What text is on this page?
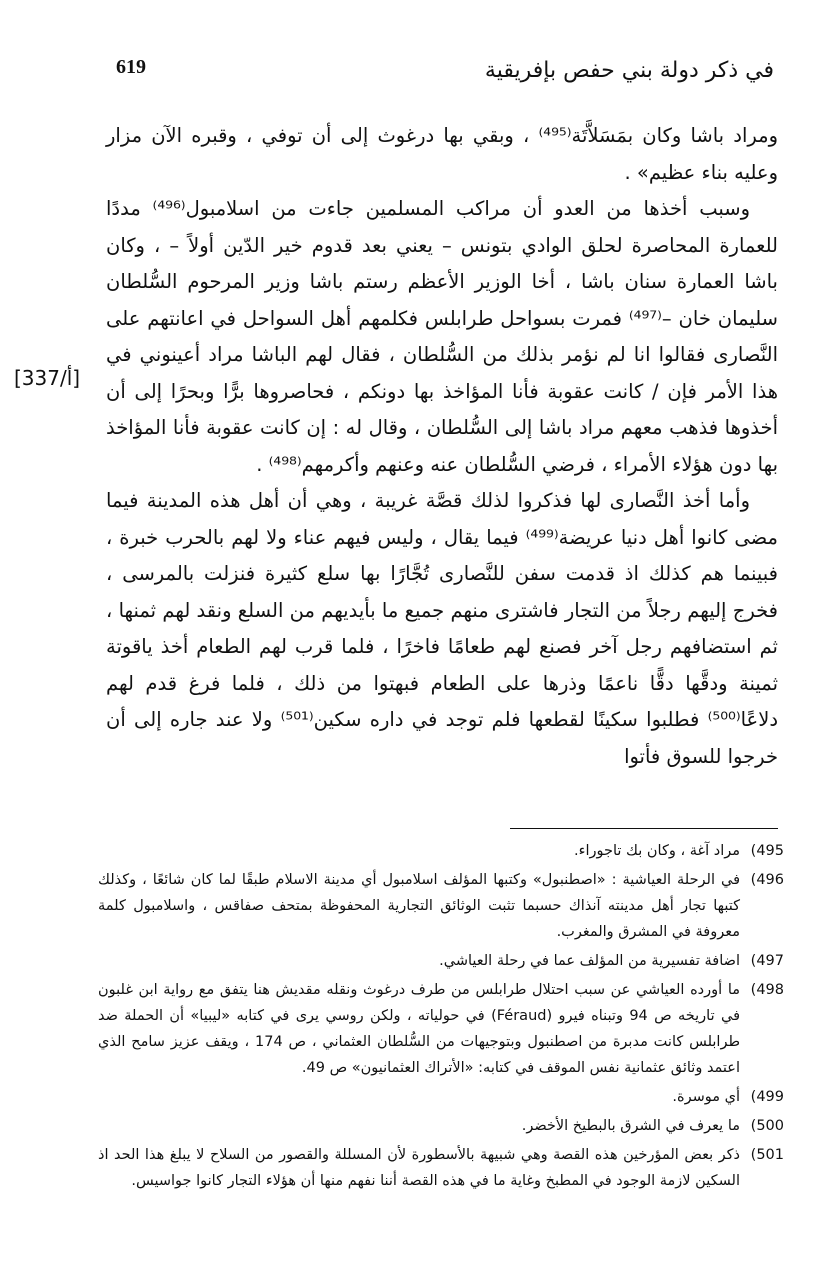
619	في ذكر دولة بني حفص بإفريقية

ومراد باشا وكان بمَسَلاَّتَة⁽⁴⁹⁵⁾ ، وبقي بها درغوث إلى أن توفي ، وقبره الآن مزار وعليه بناء عظيم» .

وسبب أخذها من العدو أن مراكب المسلمين جاءت من اسلامبول⁽⁴⁹⁶⁾ مددًا للعمارة المحاصرة لحلق الوادي بتونس – يعني بعد قدوم خير الدّين أولاً – ، وكان باشا العمارة سنان باشا ، أخا الوزير الأعظم رستم باشا وزير المرحوم السُّلطان سليمان خان –⁽⁴⁹⁷⁾ فمرت بسواحل طرابلس فكلمهم أهل السواحل في اعانتهم على النَّصارى فقالوا انا لم نؤمر بذلك من السُّلطان ، فقال لهم الباشا مراد أعينوني في هذا الأمر فإن / كانت عقوبة فأنا المؤاخذ بها دونكم ، فحاصروها برًّا وبحرًا إلى أن أخذوها فذهب معهم مراد باشا إلى السُّلطان ، وقال له : إن كانت عقوبة فأنا المؤاخذ بها دون هؤلاء الأمراء ، فرضي السُّلطان عنه وعنهم وأكرمهم⁽⁴⁹⁸⁾ .

وأما أخذ النَّصارى لها فذكروا لذلك قصَّة غريبة ، وهي أن أهل هذه المدينة فيما مضى كانوا أهل دنيا عريضة⁽⁴⁹⁹⁾ فيما يقال ، وليس فيهم عناء ولا لهم بالحرب خبرة ، فبينما هم كذلك اذ قدمت سفن للنَّصارى تُجَّارًا بها سلع كثيرة فنزلت بالمرسى ، فخرج إليهم رجلاً من التجار فاشترى منهم جميع ما بأيديهم من السلع ونقد لهم ثمنها ، ثم استضافهم رجل آخر فصنع لهم طعامًا فاخرًا ، فلما قرب لهم الطعام أخذ ياقوتة ثمينة ودقَّها دقًّا ناعمًا وذرها على الطعام فبهتوا من ذلك ، فلما فرغ قدم لهم دلاعًا⁽⁵⁰⁰⁾ فطلبوا سكينًا لقطعها فلم توجد في داره سكين⁽⁵⁰¹⁾ ولا عند جاره إلى أن خرجوا للسوق فأتوا

[337/أ]
495)
مراد آغة ، وكان بك تاجوراء.
496)
في الرحلة العياشية : «اصطنبول» وكتبها المؤلف اسلامبول أي مدينة الاسلام طبقًا لما كان شائعًا ، وكذلك كتبها تجار أهل مدينته آنذاك حسبما تثبت الوثائق التجارية المحفوظة بمتحف صفاقس ، واسلامبول كلمة معروفة في المشرق والمغرب.
497)
اضافة تفسيرية من المؤلف عما في رحلة العياشي.
498)
ما أورده العياشي عن سبب احتلال طرابلس من طرف درغوث ونقله مقديش هنا يتفق مع رواية ابن غلبون في تاريخه ص 94 وتبناه فيرو (Féraud) في حولياته ، ولكن روسي يرى في كتابه «ليبيا» أن الحملة ضد طرابلس كانت مدبرة من اصطنبول وبتوجيهات من السُّلطان العثماني ، ص 174 ، ويقف عزيز سامح الذي اعتمد وثائق عثمانية نفس الموقف في كتابه: «الأتراك العثمانيون» ص 49.
499)
أي موسرة.
500)
ما يعرف في الشرق بالبطيخ الأخضر.
501)
ذكر بعض المؤرخين هذه القصة وهي شبيهة بالأسطورة لأن المسللة والقصور من السلاح لا يبلغ هذا الحد اذ السكين لازمة الوجود في المطبخ وغاية ما في هذه القصة أننا نفهم منها أن هؤلاء التجار كانوا جواسيس.
